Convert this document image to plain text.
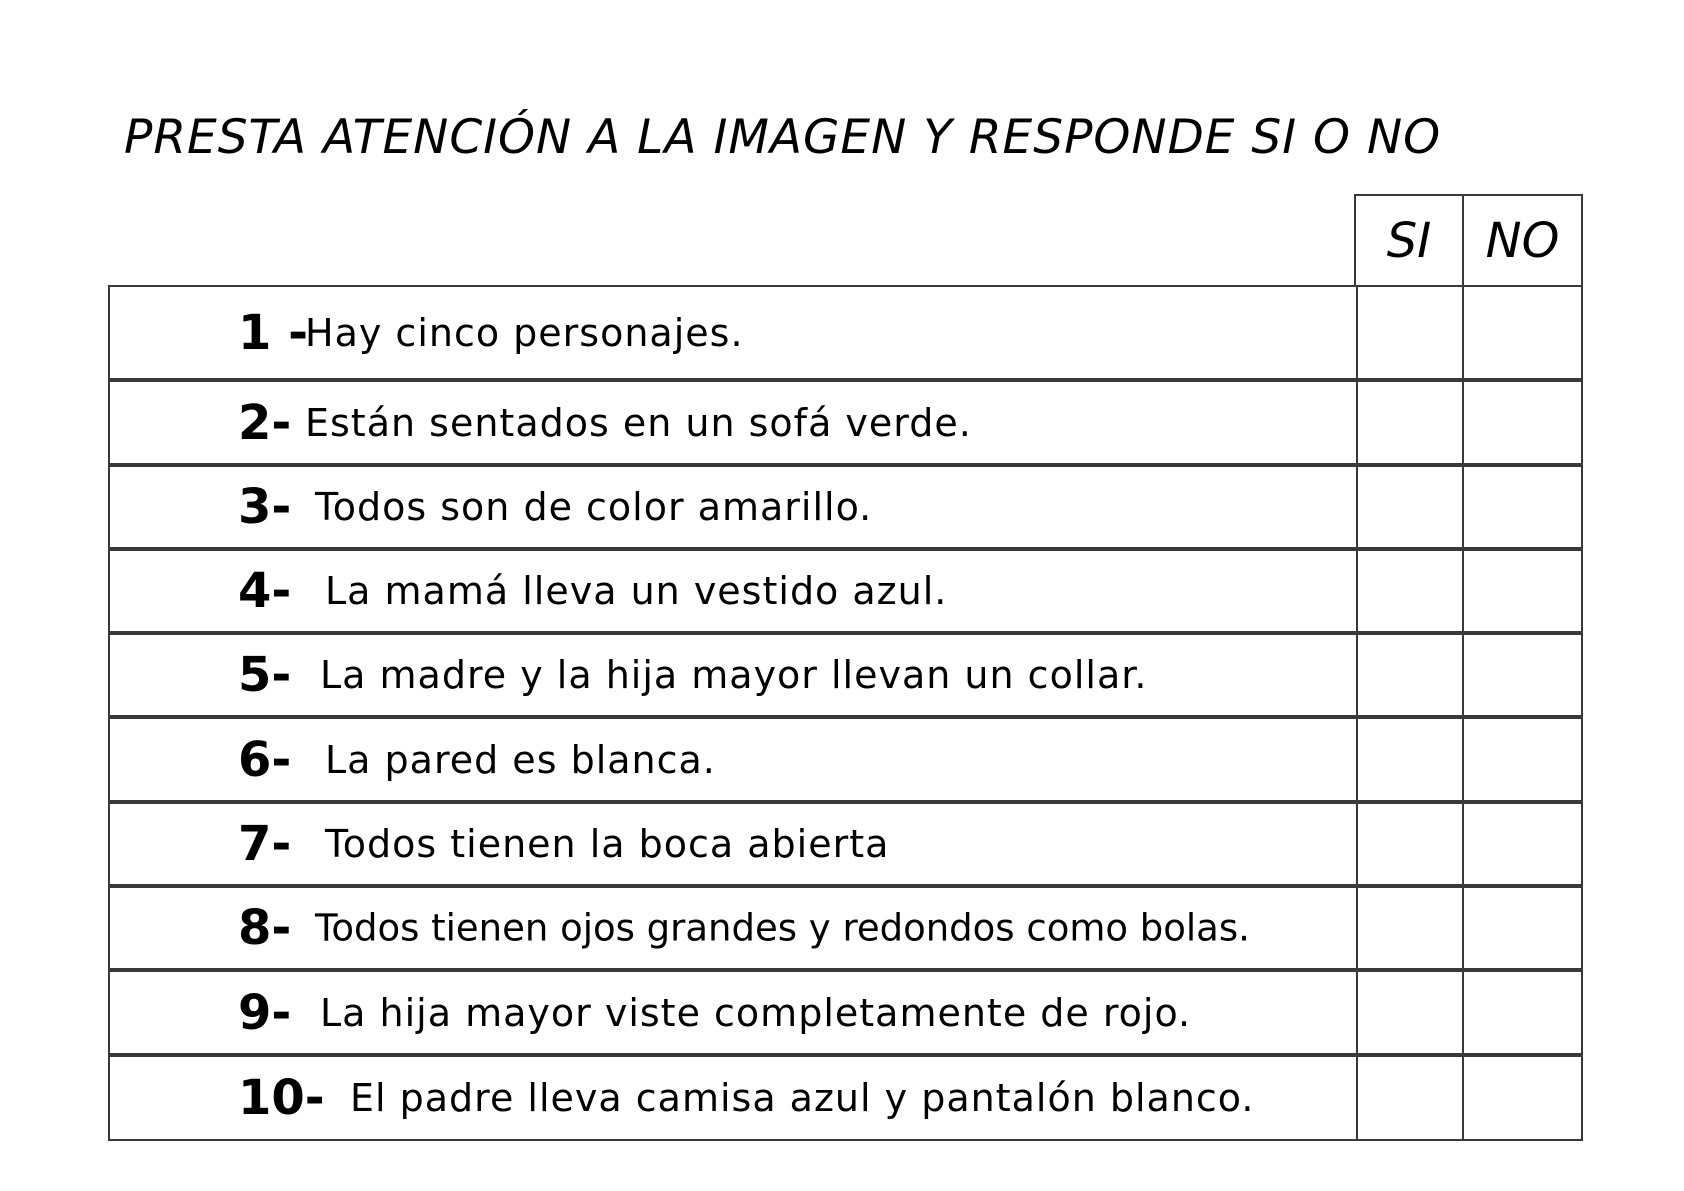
PRESTA ATENCIÓN A LA IMAGEN Y RESPONDE SI O NO
SI	NO
1 -
Hay cinco personajes.
2- Están sentados en un sofá verde.
3- Todos son de color amarillo.
4- La mamá lleva un vestido azul.
5- La madre y la hija mayor llevan un collar.
6- La pared es blanca.
7- Todos tienen la boca abierta
8- Todos tienen ojos grandes y redondos como bolas.
9- La hija mayor viste completamente de rojo.
10- El padre lleva camisa azul y pantalón blanco.
